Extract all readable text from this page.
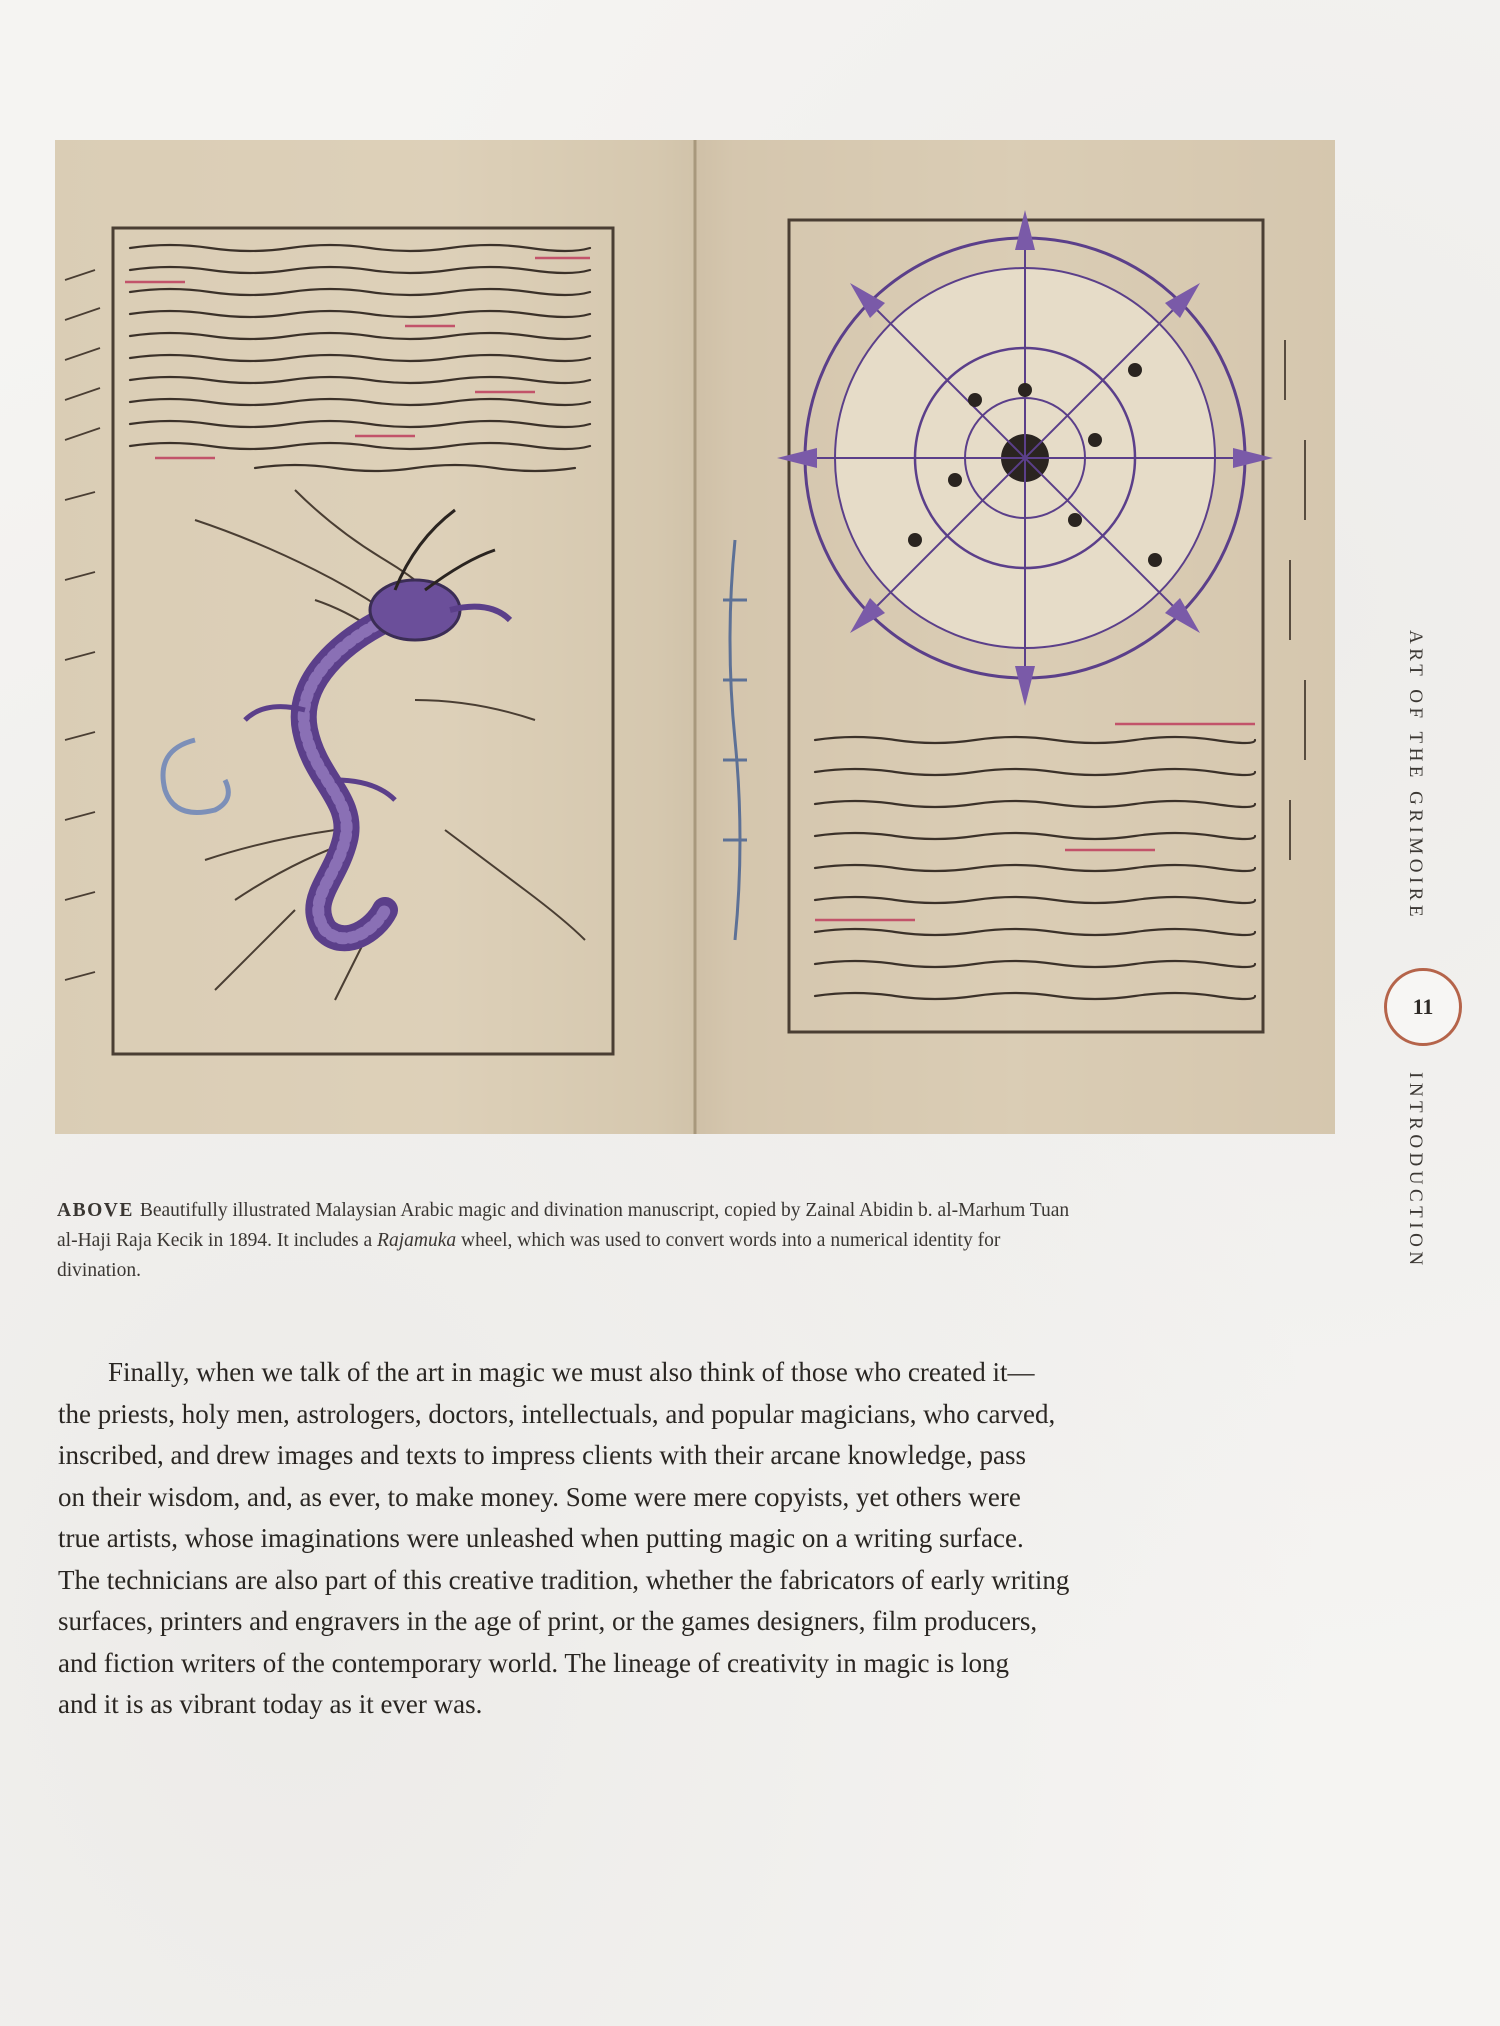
ABOVE Beautifully illustrated Malaysian Arabic magic and divination manuscript, copied by Zainal Abidin b. al-Marhum Tuan al-Haji Raja Kecik in 1894. It includes a Rajamuka wheel, which was used to convert words into a numerical identity for divination.
Finally, when we talk of the art in magic we must also think of those who created it—
the priests, holy men, astrologers, doctors, intellectuals, and popular magicians, who carved,
inscribed, and drew images and texts to impress clients with their arcane knowledge, pass
on their wisdom, and, as ever, to make money. Some were mere copyists, yet others were
true artists, whose imaginations were unleashed when putting magic on a writing surface.
The technicians are also part of this creative tradition, whether the fabricators of early writing
surfaces, printers and engravers in the age of print, or the games designers, film producers,
and fiction writers of the contemporary world. The lineage of creativity in magic is long
and it is as vibrant today as it ever was.
ART OF THE GRIMOIRE
11
INTRODUCTION
